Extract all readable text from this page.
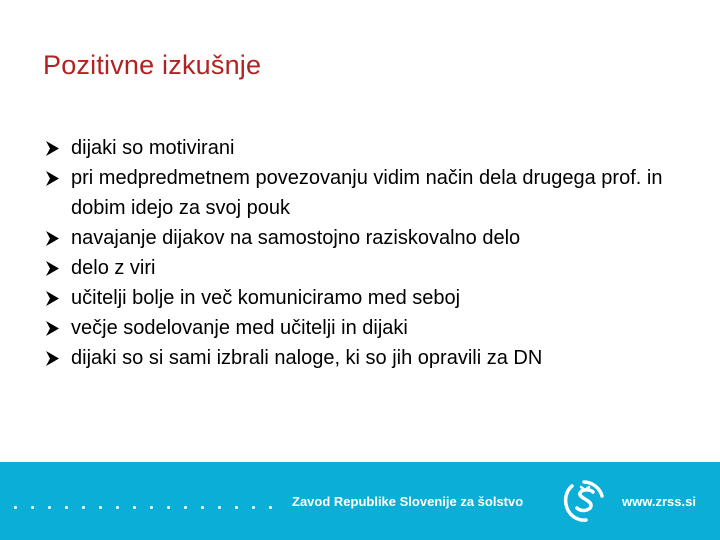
Pozitivne izkušnje
dijaki so motivirani
pri medpredmetnem povezovanju vidim način dela drugega prof. in dobim idejo za svoj pouk
navajanje dijakov na samostojno raziskovalno delo
delo z viri
učitelji bolje in več komuniciramo med seboj
večje sodelovanje med učitelji in dijaki
dijaki so si sami izbrali naloge, ki so jih opravili za DN
Zavod Republike Slovenije za šolstvo	www.zrss.si
